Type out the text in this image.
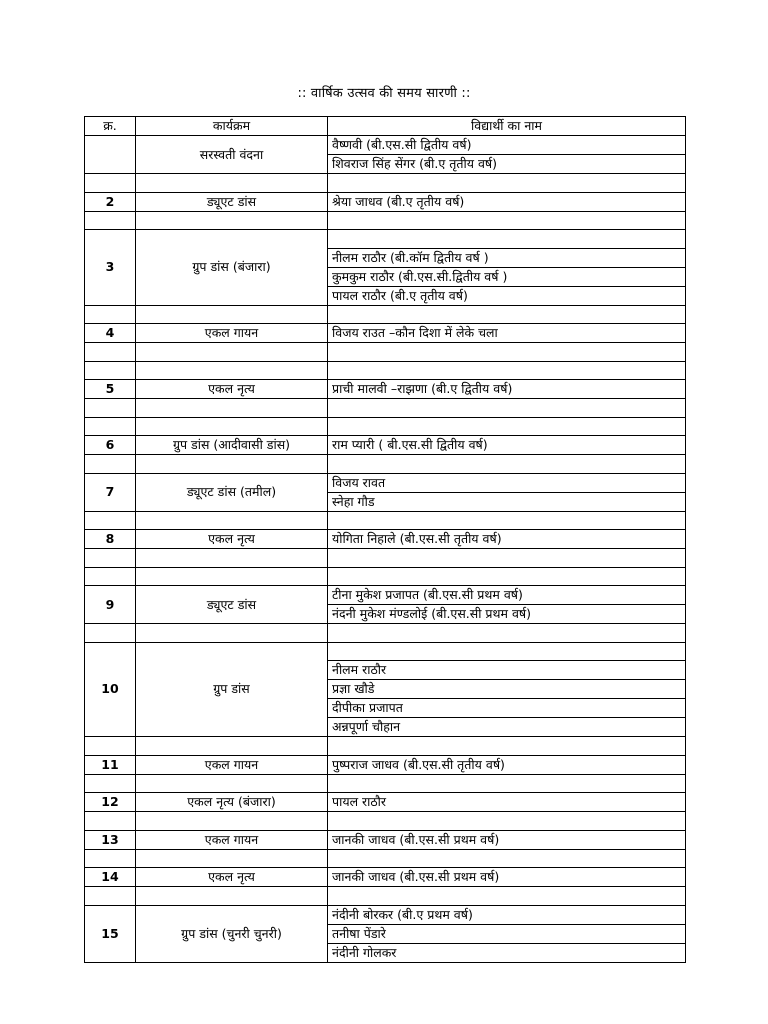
:: वार्षिक उत्सव की समय सारणी ::
क्र.	कार्यक्रम	विद्यार्थी का नाम
	सरस्वती वंदना	वैष्णवी (बी.एस.सी द्वितीय वर्ष)
		शिवराज सिंह सेंगर (बी.ए तृतीय वर्ष)

2	ड्यूएट डांस	श्रेया जाधव (बी.ए तृतीय वर्ष)

3	ग्रुप डांस (बंजारा)	
		नीलम राठौर (बी.कॉम द्वितीय वर्ष )
		कुमकुम राठौर (बी.एस.सी.द्वितीय वर्ष )
		पायल राठौर (बी.ए तृतीय वर्ष)

4	एकल गायन	विजय राउत –कौन दिशा में लेके चला

5	एकल नृत्य	प्राची मालवी –राझणा (बी.ए द्वितीय वर्ष)

6	ग्रुप डांस (आदीवासी डांस)	राम प्यारी ( बी.एस.सी द्वितीय वर्ष)

7	ड्यूएट डांस (तमील)	विजय रावत
		स्नेहा गौड

8	एकल नृत्य	योगिता निहाले (बी.एस.सी तृतीय वर्ष)

9	ड्यूएट डांस	टीना मुकेश प्रजापत (बी.एस.सी प्रथम वर्ष)
		नंदनी मुकेश मंण्डलोई (बी.एस.सी प्रथम वर्ष)

10	ग्रुप डांस	
		नीलम राठौर
		प्रज्ञा खौडे
		दीपीका प्रजापत
		अन्नपूर्णा चौहान

11	एकल गायन	पुष्पराज जाधव (बी.एस.सी तृतीय वर्ष)

12	एकल नृत्य (बंजारा)	पायल राठौर

13	एकल गायन	जानकी जाधव (बी.एस.सी प्रथम वर्ष)

14	एकल नृत्य	जानकी जाधव (बी.एस.सी प्रथम वर्ष)

15	ग्रुप डांस (चुनरी चुनरी)	नंदीनी बोरकर (बी.ए प्रथम वर्ष)
		तनीषा पेंडारे
		नंदीनी गोलकर
